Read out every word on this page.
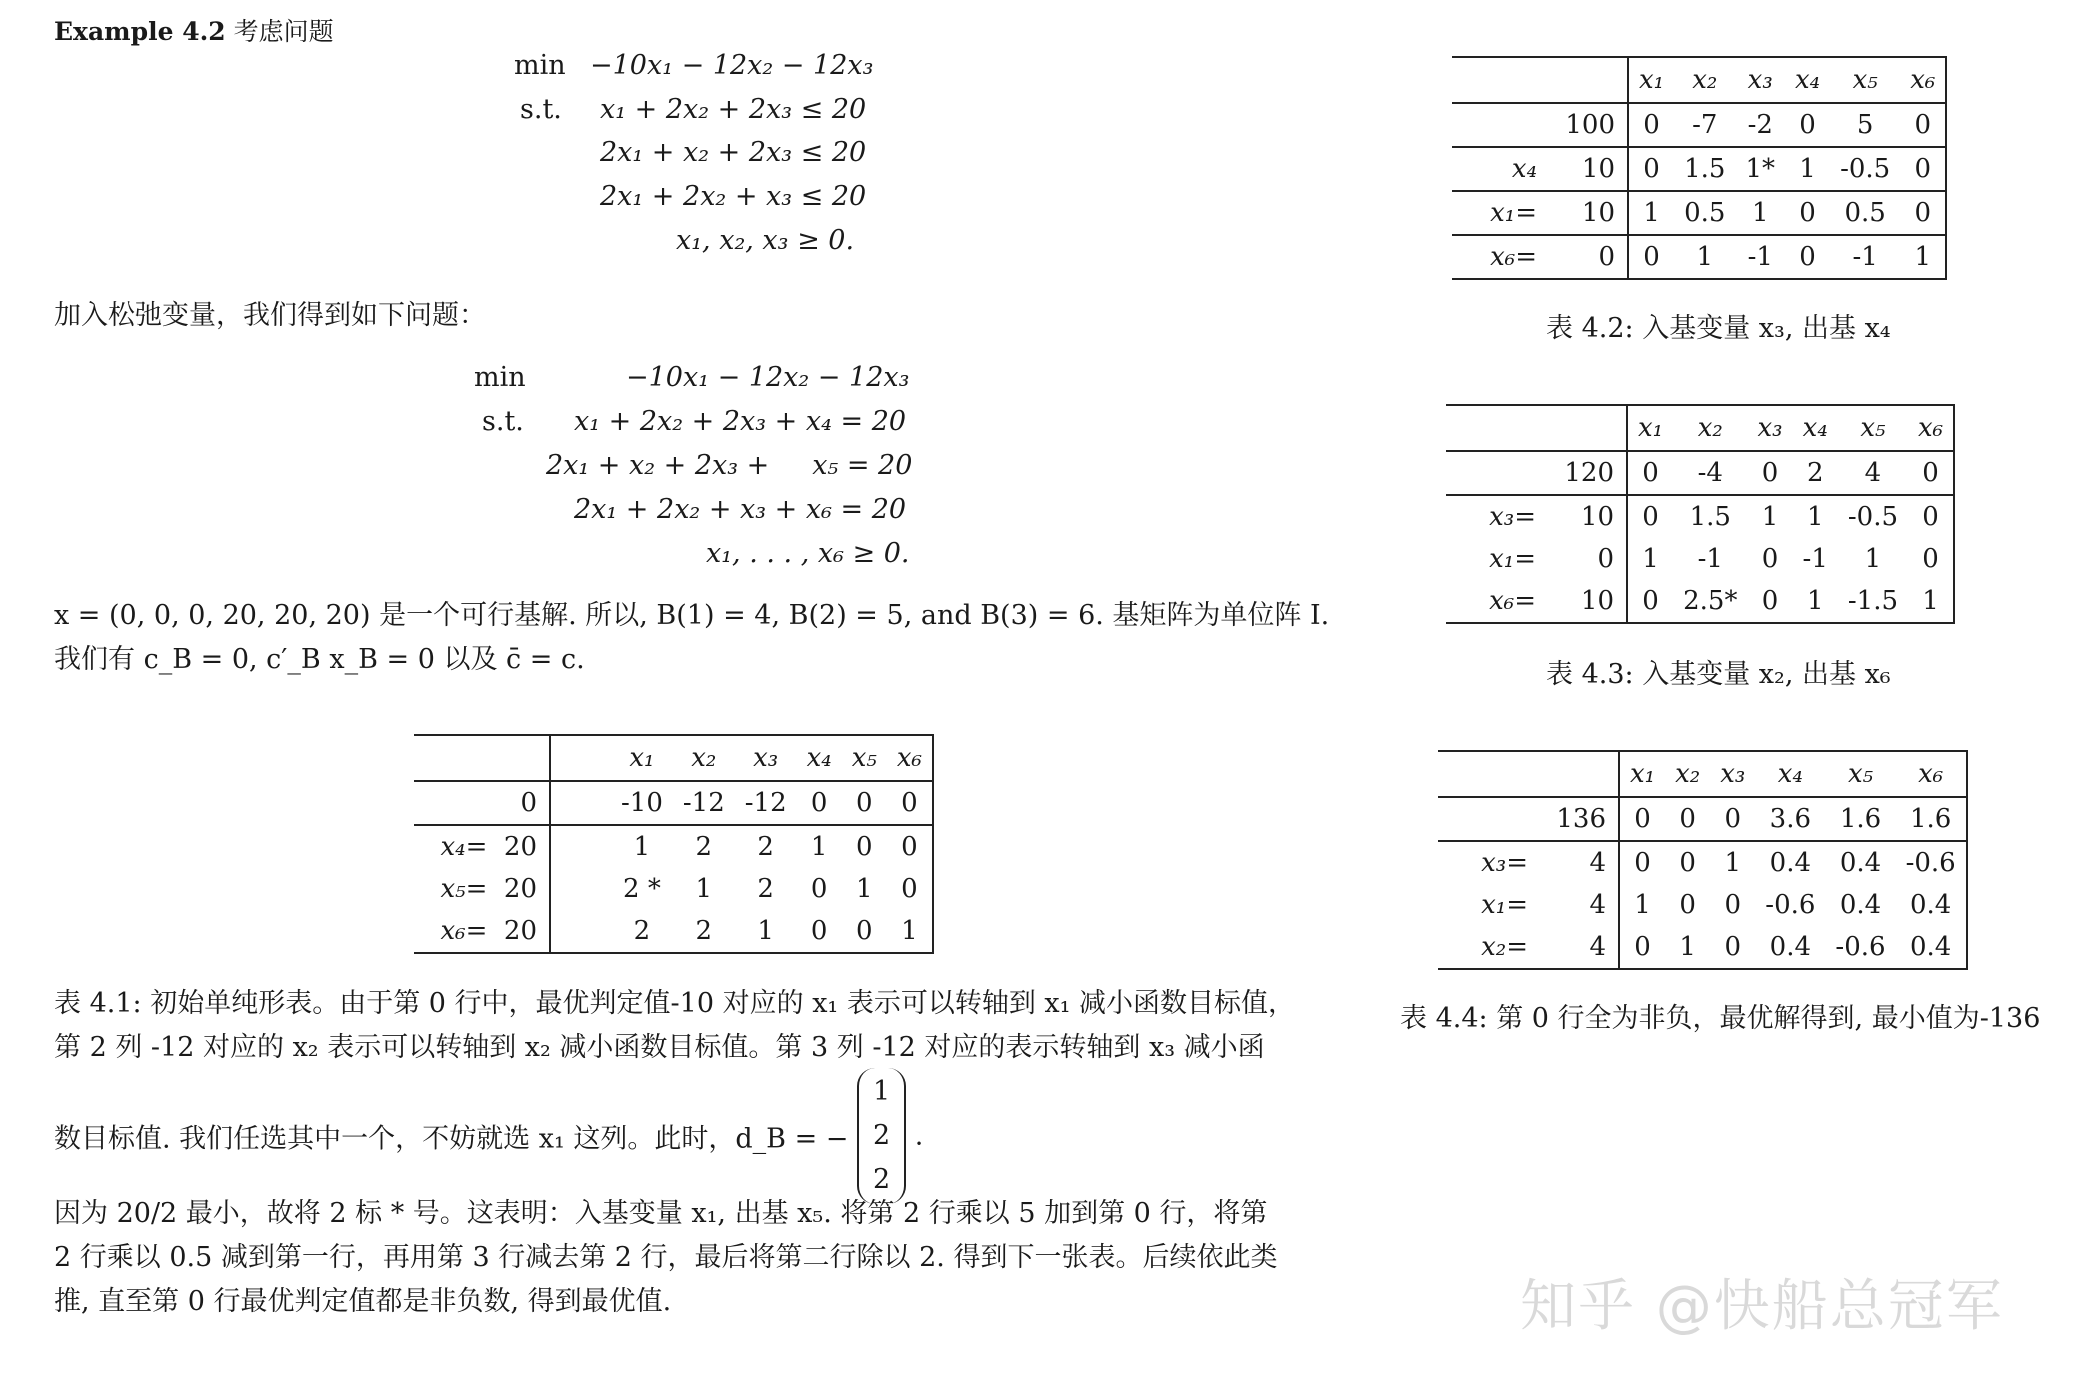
Example 4.2 考虑问题
min −10x₁ − 12x₂ − 12x₃
s.t. x₁ + 2x₂ + 2x₃ ≤ 20
2x₁ + x₂ + 2x₃ ≤ 20
2x₁ + 2x₂ + x₃ ≤ 20
x₁, x₂, x₃ ≥ 0.
加入松弛变量，我们得到如下问题：
min	−10x₁ − 12x₂ − 12x₃
s.t. x₁ + 2x₂ + 2x₃ + x₄ = 20
2x₁ + x₂ + 2x₃ +     x₅ = 20
2x₁ + 2x₂ + x₃ + x₆ = 20
x₁, . . . , x₆ ≥ 0.
x = (0, 0, 0, 20, 20, 20) 是一个可行基解. 所以, B(1) = 4, B(2) = 5, and B(3) = 6. 基矩阵为单位阵 I.
我们有 c_B = 0, c′_B x_B = 0 以及 c̄ = c.
		x₁	x₂	x₃	x₄	x₅	x₆
0		-10	-12	-12	0	0	0
x₄= 20		1	2	2	1	0	0
x₅= 20		2 *	1	2	0	1	0
x₆= 20		2	2	1	0	0	1
表 4.1: 初始单纯形表。由于第 0 行中，最优判定值-10 对应的 x₁ 表示可以转轴到 x₁ 减小函数目标值，
第 2 列 -12 对应的 x₂ 表示可以转轴到 x₂ 减小函数目标值。第 3 列 -12 对应的表示转轴到 x₃ 减小函
数目标值. 我们任选其中一个，不妨就选 x₁ 这列。此时，d_B = −
1
2
2
.
因为 20/2 最小，故将 2 标 * 号。这表明：入基变量 x₁, 出基 x₅. 将第 2 行乘以 5 加到第 0 行，将第
2 行乘以 0.5 减到第一行，再用第 3 行减去第 2 行，最后将第二行除以 2. 得到下一张表。后续依此类
推, 直至第 0 行最优判定值都是非负数, 得到最优值.
		x₁	x₂	x₃	x₄	x₅	x₆
	100	0	-7	-2	0	5	0
x₄	10	0	1.5	1*	1	-0.5	0
x₁=	10	1	0.5	1	0	0.5	0
x₆=	0	0	1	-1	0	-1	1
表 4.2: 入基变量 x₃, 出基 x₄
		x₁	x₂	x₃	x₄	x₅	x₆
	120	0	-4	0	2	4	0
x₃=	10	0	1.5	1	1	-0.5	0
x₁=	0	1	-1	0	-1	1	0
x₆=	10	0	2.5*	0	1	-1.5	1
表 4.3: 入基变量 x₂, 出基 x₆
		x₁	x₂	x₃	x₄	x₅	x₆
	136	0	0	0	3.6	1.6	1.6
x₃=	4	0	0	1	0.4	0.4	-0.6
x₁=	4	1	0	0	-0.6	0.4	0.4
x₂=	4	0	1	0	0.4	-0.6	0.4
表 4.4: 第 0 行全为非负，最优解得到, 最小值为-136
知乎 @快船总冠军
